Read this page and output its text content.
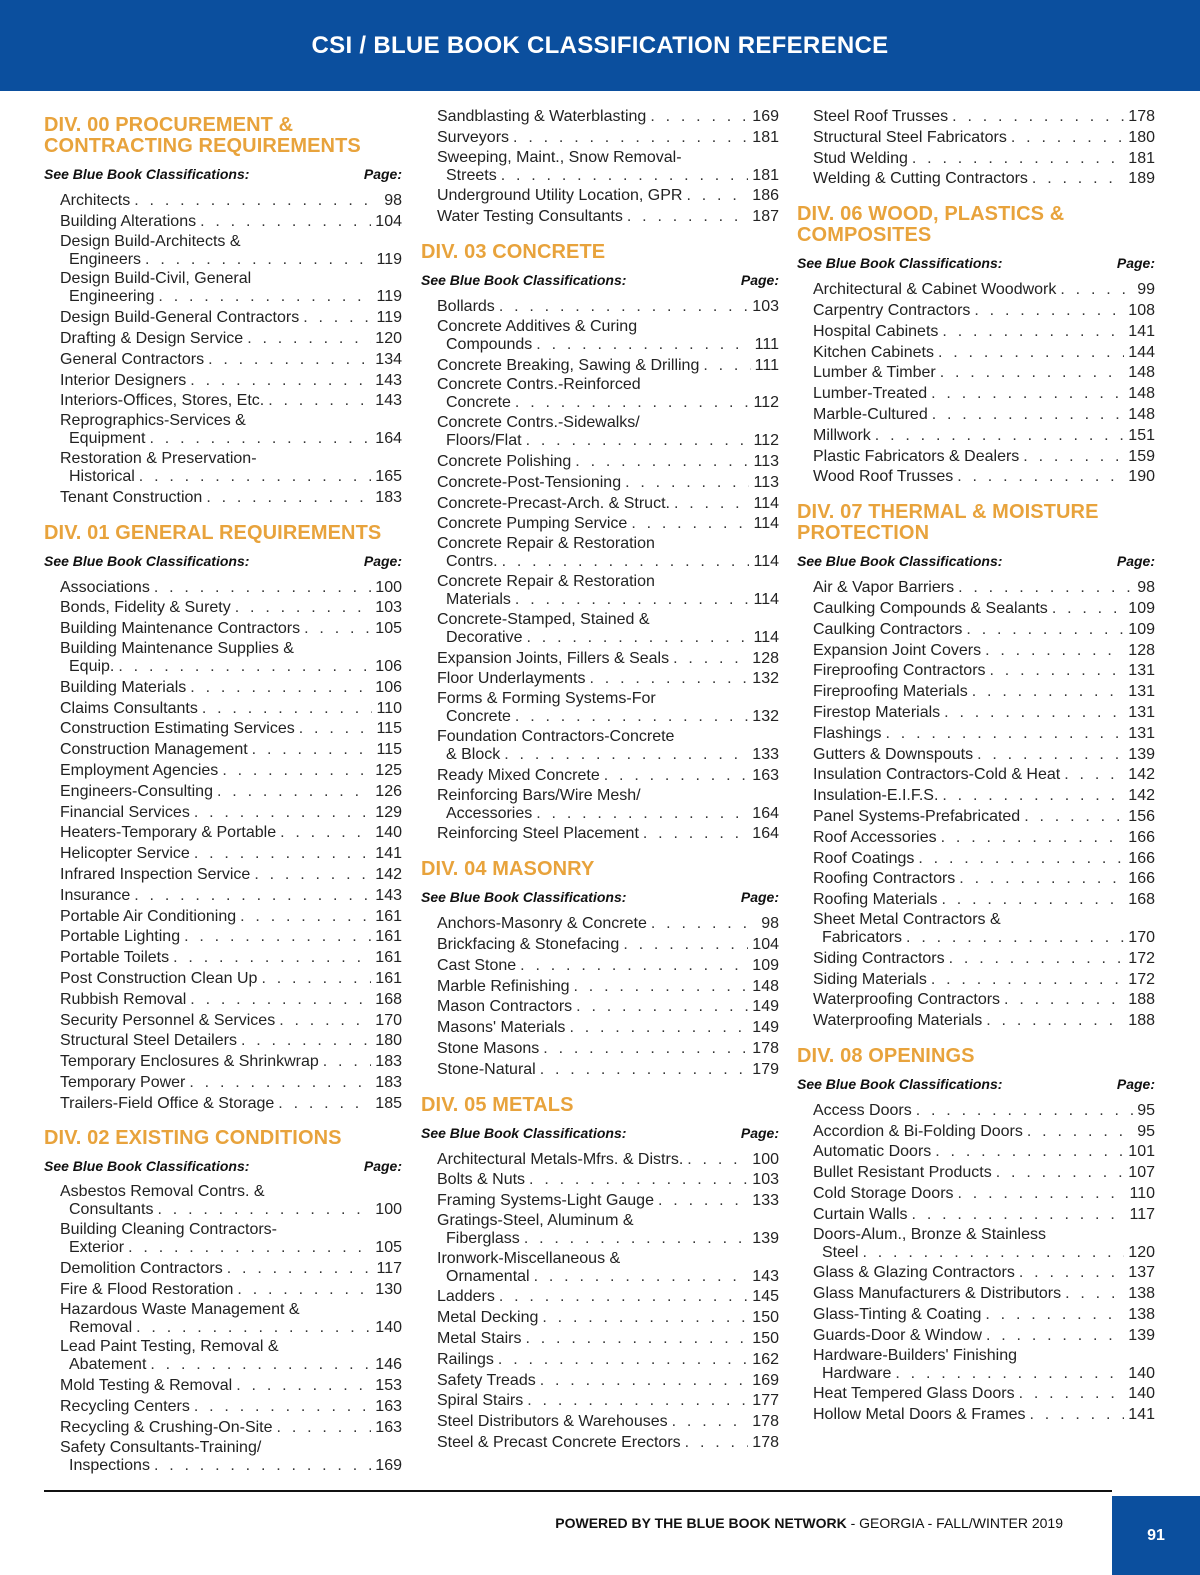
CSI / BLUE BOOK CLASSIFICATION REFERENCE
DIV. 00 PROCUREMENT & CONTRACTING REQUIREMENTS
See Blue Book Classifications:	Page:
Architects . . .	98
Building Alterations . . .	104
Design Build-Architects &
Engineers . . .	119
Design Build-Civil, General
Engineering . . .	119
Design Build-General Contractors . . .	119
Drafting & Design Service . . .	120
General Contractors . . .	134
Interior Designers . . .	143
Interiors-Offices, Stores, Etc. . . .	143
Reprographics-Services &
Equipment . . .	164
Restoration & Preservation-
Historical . . .	165
Tenant Construction . . .	183
DIV. 01 GENERAL REQUIREMENTS
See Blue Book Classifications:	Page:
Associations . . .	100
Bonds, Fidelity & Surety . . .	103
Building Maintenance Contractors . . .	105
Building Maintenance Supplies &
Equip. . . .	106
Building Materials . . .	106
Claims Consultants . . .	110
Construction Estimating Services . . .	115
Construction Management . . .	115
Employment Agencies . . .	125
Engineers-Consulting . . .	126
Financial Services . . .	129
Heaters-Temporary & Portable . . .	140
Helicopter Service . . .	141
Infrared Inspection Service . . .	142
Insurance . . .	143
Portable Air Conditioning . . .	161
Portable Lighting . . .	161
Portable Toilets . . .	161
Post Construction Clean Up . . .	161
Rubbish Removal . . .	168
Security Personnel & Services . . .	170
Structural Steel Detailers . . .	180
Temporary Enclosures & Shrinkwrap . . .	183
Temporary Power . . .	183
Trailers-Field Office & Storage . . .	185
DIV. 02 EXISTING CONDITIONS
See Blue Book Classifications:	Page:
Asbestos Removal Contrs. &
Consultants . . .	100
Building Cleaning Contractors-
Exterior . . .	105
Demolition Contractors . . .	117
Fire & Flood Restoration . . .	130
Hazardous Waste Management &
Removal . . .	140
Lead Paint Testing, Removal &
Abatement . . .	146
Mold Testing & Removal . . .	153
Recycling Centers . . .	163
Recycling & Crushing-On-Site . . .	163
Safety Consultants-Training/
Inspections . . .	169
Sandblasting & Waterblasting . . .	169
Surveyors . . .	181
Sweeping, Maint., Snow Removal-
Streets . . .	181
Underground Utility Location, GPR . . .	186
Water Testing Consultants . . .	187
DIV. 03 CONCRETE
See Blue Book Classifications:	Page:
Bollards . . .	103
Concrete Additives & Curing
Compounds . . .	111
Concrete Breaking, Sawing & Drilling . . .	111
Concrete Contrs.-Reinforced
Concrete . . .	112
Concrete Contrs.-Sidewalks/
Floors/Flat . . .	112
Concrete Polishing . . .	113
Concrete-Post-Tensioning . . .	113
Concrete-Precast-Arch. & Struct. . . .	114
Concrete Pumping Service . . .	114
Concrete Repair & Restoration
Contrs. . . .	114
Concrete Repair & Restoration
Materials . . .	114
Concrete-Stamped, Stained &
Decorative . . .	114
Expansion Joints, Fillers & Seals . . .	128
Floor Underlayments . . .	132
Forms & Forming Systems-For
Concrete . . .	132
Foundation Contractors-Concrete
& Block . . .	133
Ready Mixed Concrete . . .	163
Reinforcing Bars/Wire Mesh/
Accessories . . .	164
Reinforcing Steel Placement . . .	164
DIV. 04 MASONRY
See Blue Book Classifications:	Page:
Anchors-Masonry & Concrete . . .	98
Brickfacing & Stonefacing . . .	104
Cast Stone . . .	109
Marble Refinishing . . .	148
Mason Contractors . . .	149
Masons' Materials . . .	149
Stone Masons . . .	178
Stone-Natural . . .	179
DIV. 05 METALS
See Blue Book Classifications:	Page:
Architectural Metals-Mfrs. & Distrs. . . .	100
Bolts & Nuts . . .	103
Framing Systems-Light Gauge . . .	133
Gratings-Steel, Aluminum &
Fiberglass . . .	139
Ironwork-Miscellaneous &
Ornamental . . .	143
Ladders . . .	145
Metal Decking . . .	150
Metal Stairs . . .	150
Railings . . .	162
Safety Treads . . .	169
Spiral Stairs . . .	177
Steel Distributors & Warehouses . . .	178
Steel & Precast Concrete Erectors . . .	178
Steel Roof Trusses . . .	178
Structural Steel Fabricators . . .	180
Stud Welding . . .	181
Welding & Cutting Contractors . . .	189
DIV. 06 WOOD, PLASTICS & COMPOSITES
See Blue Book Classifications:	Page:
Architectural & Cabinet Woodwork . . .	99
Carpentry Contractors . . .	108
Hospital Cabinets . . .	141
Kitchen Cabinets . . .	144
Lumber & Timber . . .	148
Lumber-Treated . . .	148
Marble-Cultured . . .	148
Millwork . . .	151
Plastic Fabricators & Dealers . . .	159
Wood Roof Trusses . . .	190
DIV. 07 THERMAL & MOISTURE PROTECTION
See Blue Book Classifications:	Page:
Air & Vapor Barriers . . .	98
Caulking Compounds & Sealants . . .	109
Caulking Contractors . . .	109
Expansion Joint Covers . . .	128
Fireproofing Contractors . . .	131
Fireproofing Materials . . .	131
Firestop Materials . . .	131
Flashings . . .	131
Gutters & Downspouts . . .	139
Insulation Contractors-Cold & Heat . . .	142
Insulation-E.I.F.S. . . .	142
Panel Systems-Prefabricated . . .	156
Roof Accessories . . .	166
Roof Coatings . . .	166
Roofing Contractors . . .	166
Roofing Materials . . .	168
Sheet Metal Contractors &
Fabricators . . .	170
Siding Contractors . . .	172
Siding Materials . . .	172
Waterproofing Contractors . . .	188
Waterproofing Materials . . .	188
DIV. 08 OPENINGS
See Blue Book Classifications:	Page:
Access Doors . . .	95
Accordion & Bi-Folding Doors . . .	95
Automatic Doors . . .	101
Bullet Resistant Products . . .	107
Cold Storage Doors . . .	110
Curtain Walls . . .	117
Doors-Alum., Bronze & Stainless
Steel . . .	120
Glass & Glazing Contractors . . .	137
Glass Manufacturers & Distributors . . .	138
Glass-Tinting & Coating . . .	138
Guards-Door & Window . . .	139
Hardware-Builders' Finishing
Hardware . . .	140
Heat Tempered Glass Doors . . .	140
Hollow Metal Doors & Frames . . .	141
POWERED BY THE BLUE BOOK NETWORK - GEORGIA - FALL/WINTER 2019
91
